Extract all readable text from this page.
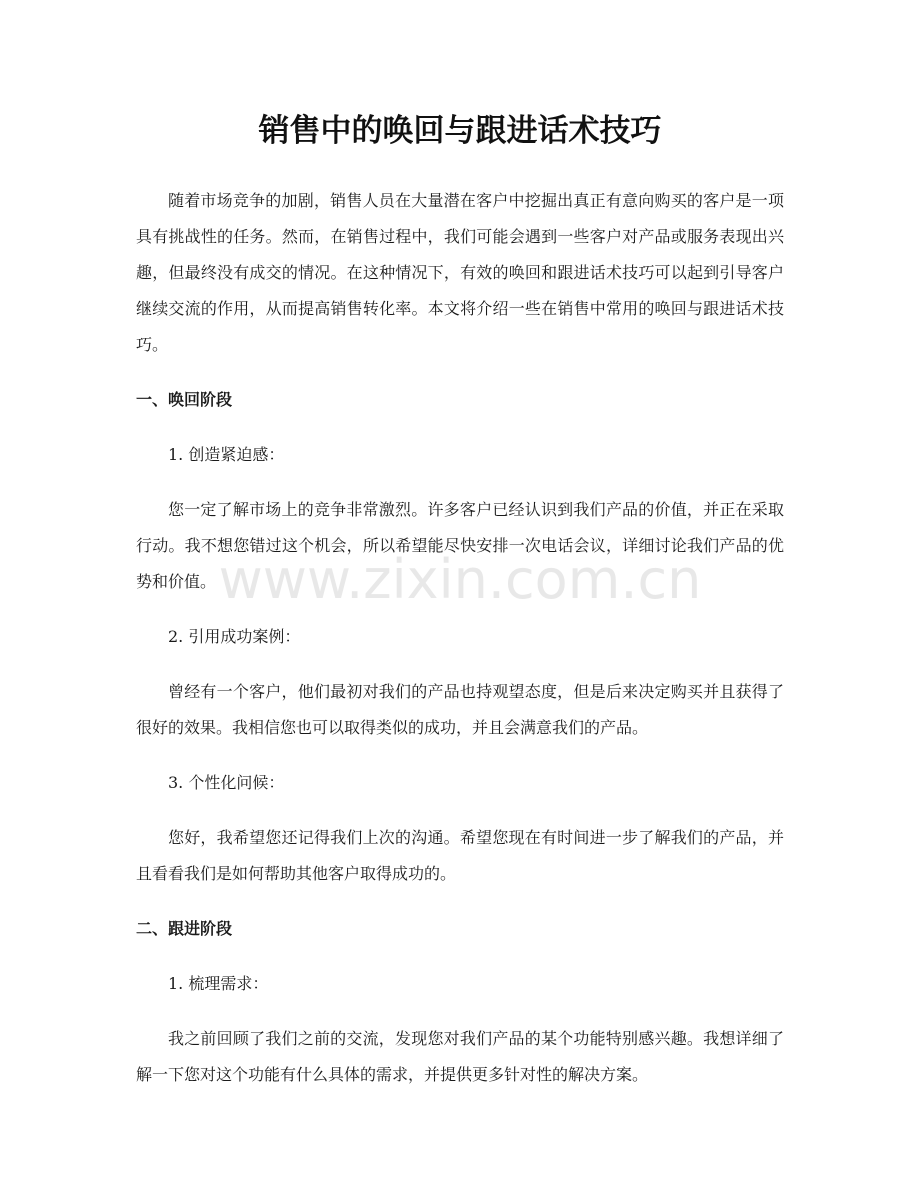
销售中的唤回与跟进话术技巧

随着市场竞争的加剧，销售人员在大量潜在客户中挖掘出真正有意向购买的客户是一项具有挑战性的任务。然而，在销售过程中，我们可能会遇到一些客户对产品或服务表现出兴趣，但最终没有成交的情况。在这种情况下，有效的唤回和跟进话术技巧可以起到引导客户继续交流的作用，从而提高销售转化率。本文将介绍一些在销售中常用的唤回与跟进话术技巧。

一、唤回阶段

1. 创造紧迫感：

您一定了解市场上的竞争非常激烈。许多客户已经认识到我们产品的价值，并正在采取行动。我不想您错过这个机会，所以希望能尽快安排一次电话会议，详细讨论我们产品的优势和价值。

2. 引用成功案例：

曾经有一个客户，他们最初对我们的产品也持观望态度，但是后来决定购买并且获得了很好的效果。我相信您也可以取得类似的成功，并且会满意我们的产品。

3. 个性化问候：

您好，我希望您还记得我们上次的沟通。希望您现在有时间进一步了解我们的产品，并且看看我们是如何帮助其他客户取得成功的。

二、跟进阶段

1. 梳理需求：

我之前回顾了我们之前的交流，发现您对我们产品的某个功能特别感兴趣。我想详细了解一下您对这个功能有什么具体的需求，并提供更多针对性的解决方案。

www.zixin.com.cn
